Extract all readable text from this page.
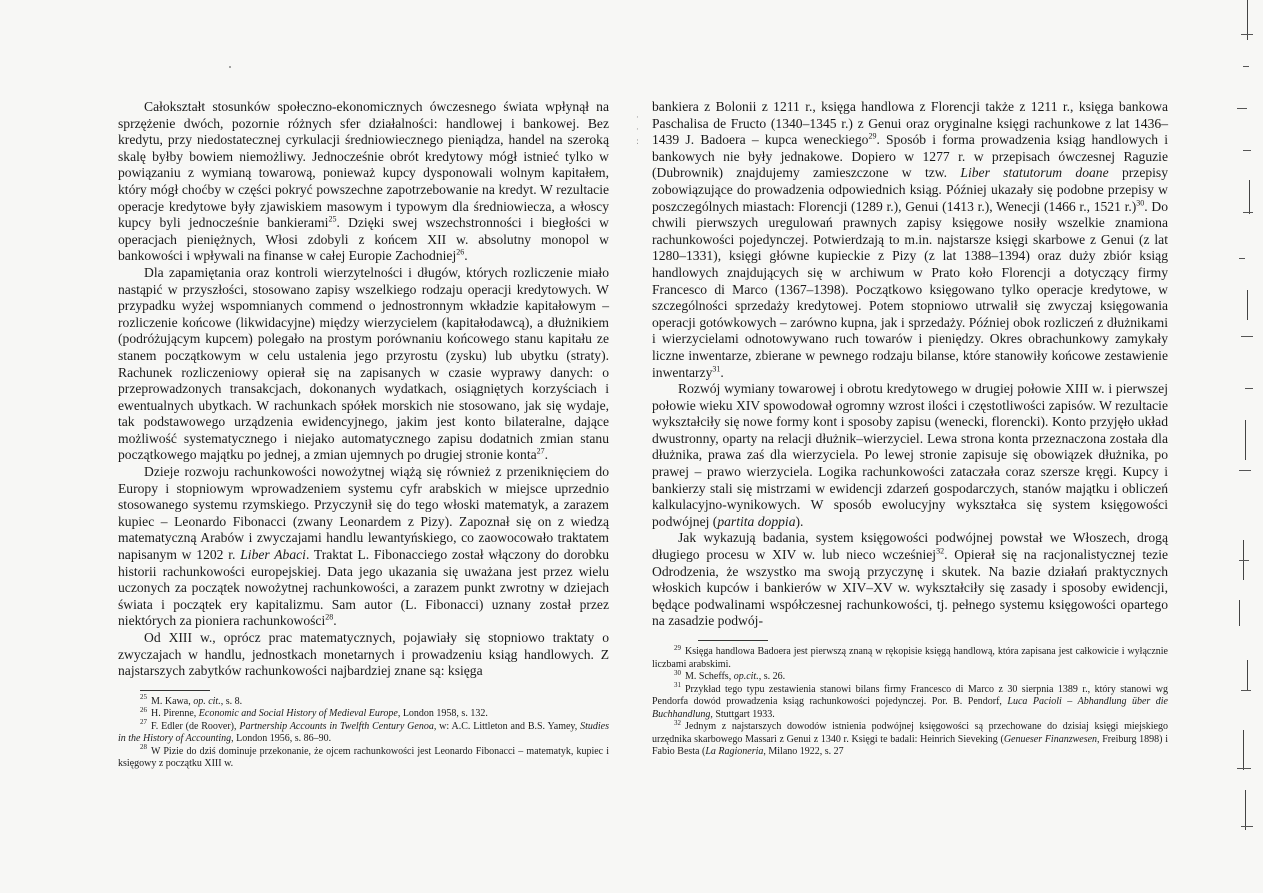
Całokształt stosunków społeczno-ekonomicznych ówczesnego świata wpłynął na sprzężenie dwóch, pozornie różnych sfer działalności: handlowej i bankowej. Bez kredytu, przy niedostatecznej cyrkulacji średniowiecznego pieniądza, handel na szeroką skalę byłby bowiem niemożliwy. Jednocześnie obrót kredytowy mógł istnieć tylko w powiązaniu z wymianą towarową, ponieważ kupcy dysponowali wolnym kapitałem, który mógł choćby w części pokryć powszechne zapotrzebowanie na kredyt. W rezultacie operacje kredytowe były zjawiskiem masowym i typowym dla średniowiecza, a włoscy kupcy byli jednocześnie bankierami$^{25}$. Dzięki swej wszechstronności i biegłości w operacjach pieniężnych, Włosi zdobyli z końcem XII w. absolutny monopol w bankowości i wpływali na finanse w całej Europie Zachodniej$^{26}$.

Dla zapamiętania oraz kontroli wierzytelności i długów, których rozliczenie miało nastąpić w przyszłości, stosowano zapisy wszelkiego rodzaju operacji kredytowych. W przypadku wyżej wspomnianych commend o jednostronnym wkładzie kapitałowym – rozliczenie końcowe (likwidacyjne) między wierzycielem (kapitałodawcą), a dłużnikiem (podróżującym kupcem) polegało na prostym porównaniu końcowego stanu kapitału ze stanem początkowym w celu ustalenia jego przyrostu (zysku) lub ubytku (straty). Rachunek rozliczeniowy opierał się na zapisanych w czasie wyprawy danych: o przeprowadzonych transakcjach, dokonanych wydatkach, osiągniętych korzyściach i ewentualnych ubytkach. W rachunkach spółek morskich nie stosowano, jak się wydaje, tak podstawowego urządzenia ewidencyjnego, jakim jest konto bilateralne, dające możliwość systematycznego i niejako automatycznego zapisu dodatnich zmian stanu początkowego majątku po jednej, a zmian ujemnych po drugiej stronie konta$^{27}$.

Dzieje rozwoju rachunkowości nowożytnej wiążą się również z przeniknięciem do Europy i stopniowym wprowadzeniem systemu cyfr arabskich w miejsce uprzednio stosowanego systemu rzymskiego. Przyczynił się do tego włoski matematyk, a zarazem kupiec – Leonardo Fibonacci (zwany Leonardem z Pizy). Zapoznał się on z wiedzą matematyczną Arabów i zwyczajami handlu lewantyńskiego, co zaowocowało traktatem napisanym w 1202 r. Liber Abaci. Traktat L. Fibonacciego został włączony do dorobku historii rachunkowości europejskiej. Data jego ukazania się uważana jest przez wielu uczonych za początek nowożytnej rachunkowości, a zarazem punkt zwrotny w dziejach świata i początek ery kapitalizmu. Sam autor (L. Fibonacci) uznany został przez niektórych za pioniera rachunkowości$^{28}$.

Od XIII w., oprócz prac matematycznych, pojawiały się stopniowo traktaty o zwyczajach w handlu, jednostkach monetarnych i prowadzeniu ksiąg handlowych. Z najstarszych zabytków rachunkowości najbardziej znane są: księga

$^{25}$ M. Kawa, op. cit., s. 8.

$^{26}$ H. Pirenne, Economic and Social History of Medieval Europe, London 1958, s. 132.

$^{27}$ F. Edler (de Roover), Partnership Accounts in Twelfth Century Genoa, w: A.C. Littleton and B.S. Yamey, Studies in the History of Accounting, London 1956, s. 86–90.

$^{28}$ W Pizie do dziś dominuje przekonanie, że ojcem rachunkowości jest Leonardo Fibonacci – matematyk, kupiec i księgowy z początku XIII w.

·
·
:

bankiera z Bolonii z 1211 r., księga handlowa z Florencji także z 1211 r., księga bankowa Paschalisa de Fructo (1340–1345 r.) z Genui oraz oryginalne księgi rachunkowe z lat 1436–1439 J. Badoera – kupca weneckiego$^{29}$. Sposób i forma prowadzenia ksiąg handlowych i bankowych nie były jednakowe. Dopiero w 1277 r. w przepisach ówczesnej Raguzie (Dubrownik) znajdujemy zamieszczone w tzw. Liber statutorum doane przepisy zobowiązujące do prowadzenia odpowiednich ksiąg. Później ukazały się podobne przepisy w poszczególnych miastach: Florencji (1289 r.), Genui (1413 r.), Wenecji (1466 r., 1521 r.)$^{30}$. Do chwili pierwszych uregulowań prawnych zapisy księgowe nosiły wszelkie znamiona rachunkowości pojedynczej. Potwierdzają to m.in. najstarsze księgi skarbowe z Genui (z lat 1280–1331), księgi główne kupieckie z Pizy (z lat 1388–1394) oraz duży zbiór ksiąg handlowych znajdujących się w archiwum w Prato koło Florencji a dotyczący firmy Francesco di Marco (1367–1398). Początkowo księgowano tylko operacje kredytowe, w szczególności sprzedaży kredytowej. Potem stopniowo utrwalił się zwyczaj księgowania operacji gotówkowych – zarówno kupna, jak i sprzedaży. Później obok rozliczeń z dłużnikami i wierzycielami odnotowywano ruch towarów i pieniędzy. Okres obrachunkowy zamykały liczne inwentarze, zbierane w pewnego rodzaju bilanse, które stanowiły końcowe zestawienie inwentarzy$^{31}$.

Rozwój wymiany towarowej i obrotu kredytowego w drugiej połowie XIII w. i pierwszej połowie wieku XIV spowodował ogromny wzrost ilości i częstotliwości zapisów. W rezultacie wykształciły się nowe formy kont i sposoby zapisu (wenecki, florencki). Konto przyjęło układ dwustronny, oparty na relacji dłużnik–wierzyciel. Lewa strona konta przeznaczona została dla dłużnika, prawa zaś dla wierzyciela. Po lewej stronie zapisuje się obowiązek dłużnika, po prawej – prawo wierzyciela. Logika rachunkowości zataczała coraz szersze kręgi. Kupcy i bankierzy stali się mistrzami w ewidencji zdarzeń gospodarczych, stanów majątku i obliczeń kalkulacyjno-wynikowych. W sposób ewolucyjny wykształca się system księgowości podwójnej (partita doppia).

Jak wykazują badania, system księgowości podwójnej powstał we Włoszech, drogą długiego procesu w XIV w. lub nieco wcześniej$^{32}$. Opierał się na racjonalistycznej tezie Odrodzenia, że wszystko ma swoją przyczynę i skutek. Na bazie działań praktycznych włoskich kupców i bankierów w XIV–XV w. wykształciły się zasady i sposoby ewidencji, będące podwalinami współczesnej rachunkowości, tj. pełnego systemu księgowości opartego na zasadzie podwój-

$^{29}$ Księga handlowa Badoera jest pierwszą znaną w rękopisie księgą handlową, która zapisana jest całkowicie i wyłącznie liczbami arabskimi.

$^{30}$ M. Scheffs, op.cit., s. 26.

$^{31}$ Przykład tego typu zestawienia stanowi bilans firmy Francesco di Marco z 30 sierpnia 1389 r., który stanowi wg Pendorfa dowód prowadzenia ksiąg rachunkowości pojedynczej. Por. B. Pendorf, Luca Pacioli – Abhandlung über die Buchhandlung, Stuttgart 1933.

$^{32}$ Jednym z najstarszych dowodów istnienia podwójnej księgowości są przechowane do dzisiaj księgi miejskiego urzędnika skarbowego Massari z Genui z 1340 r. Księgi te badali: Heinrich Sieveking (Genueser Finanzwesen, Freiburg 1898) i Fabio Besta (La Ragioneria, Milano 1922, s. 27
